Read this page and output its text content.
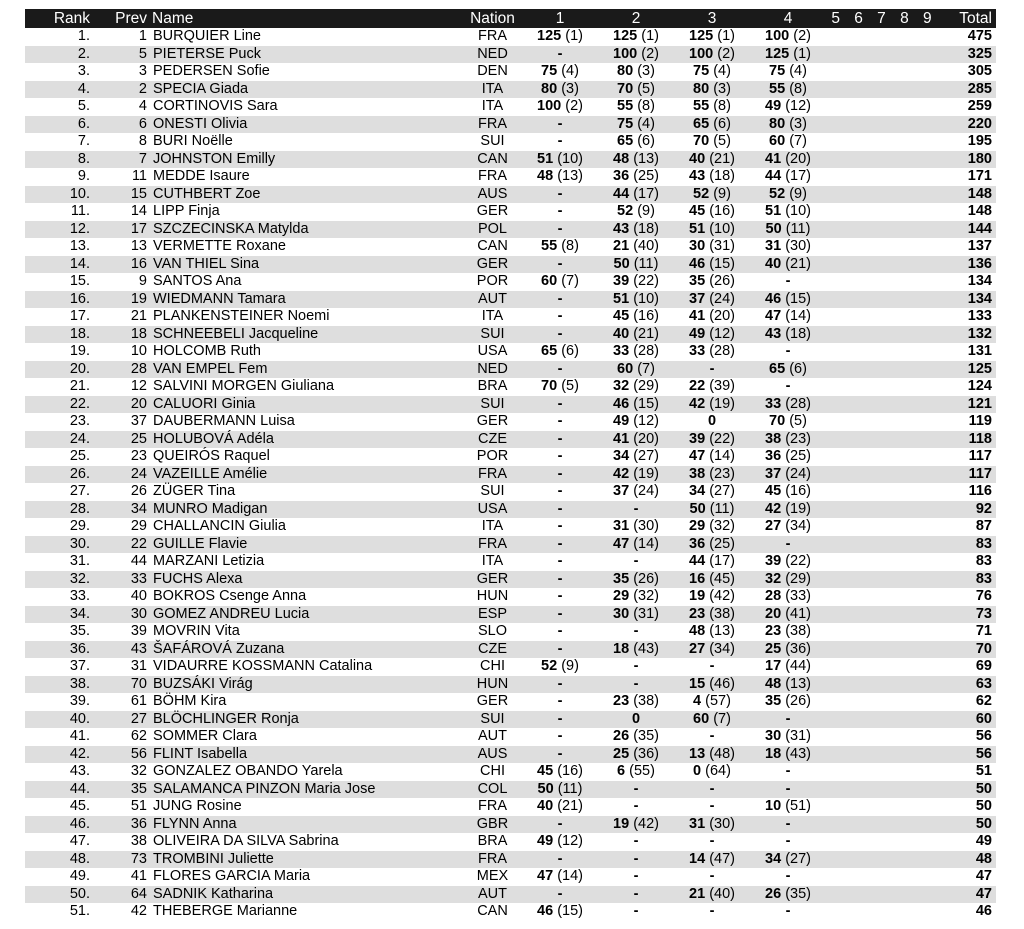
Rank	Prev Name	Nation	1	2	3	4	5 6 7 8 9	Total
1.	1 BURQUIER Line	FRA	125 (1)	125 (1)	125 (1)	100 (2)	475
2.	5 PIETERSE Puck	NED	-	100 (2)	100 (2)	125 (1)	325
3.	3 PEDERSEN Sofie	DEN	75 (4)	80 (3)	75 (4)	75 (4)	305
4.	2 SPECIA Giada	ITA	80 (3)	70 (5)	80 (3)	55 (8)	285
5.	4 CORTINOVIS Sara	ITA	100 (2)	55 (8)	55 (8)	49 (12)	259
6.	6 ONESTI Olivia	FRA	-	75 (4)	65 (6)	80 (3)	220
7.	8 BURI Noëlle	SUI	-	65 (6)	70 (5)	60 (7)	195
8.	7 JOHNSTON Emilly	CAN	51 (10)	48 (13)	40 (21)	41 (20)	180
9.	11 MEDDE Isaure	FRA	48 (13)	36 (25)	43 (18)	44 (17)	171
10.	15 CUTHBERT Zoe	AUS	-	44 (17)	52 (9)	52 (9)	148
11.	14 LIPP Finja	GER	-	52 (9)	45 (16)	51 (10)	148
12.	17 SZCZECINSKA Matylda	POL	-	43 (18)	51 (10)	50 (11)	144
13.	13 VERMETTE Roxane	CAN	55 (8)	21 (40)	30 (31)	31 (30)	137
14.	16 VAN THIEL Sina	GER	-	50 (11)	46 (15)	40 (21)	136
15.	9 SANTOS Ana	POR	60 (7)	39 (22)	35 (26)	-	134
16.	19 WIEDMANN Tamara	AUT	-	51 (10)	37 (24)	46 (15)	134
17.	21 PLANKENSTEINER Noemi	ITA	-	45 (16)	41 (20)	47 (14)	133
18.	18 SCHNEEBELI Jacqueline	SUI	-	40 (21)	49 (12)	43 (18)	132
19.	10 HOLCOMB Ruth	USA	65 (6)	33 (28)	33 (28)	-	131
20.	28 VAN EMPEL Fem	NED	-	60 (7)	-	65 (6)	125
21.	12 SALVINI MORGEN Giuliana	BRA	70 (5)	32 (29)	22 (39)	-	124
22.	20 CALUORI Ginia	SUI	-	46 (15)	42 (19)	33 (28)	121
23.	37 DAUBERMANN Luisa	GER	-	49 (12)	0	70 (5)	119
24.	25 HOLUBOVÁ Adéla	CZE	-	41 (20)	39 (22)	38 (23)	118
25.	23 QUEIRÓS Raquel	POR	-	34 (27)	47 (14)	36 (25)	117
26.	24 VAZEILLE Amélie	FRA	-	42 (19)	38 (23)	37 (24)	117
27.	26 ZÜGER Tina	SUI	-	37 (24)	34 (27)	45 (16)	116
28.	34 MUNRO Madigan	USA	-	-	50 (11)	42 (19)	92
29.	29 CHALLANCIN Giulia	ITA	-	31 (30)	29 (32)	27 (34)	87
30.	22 GUILLE Flavie	FRA	-	47 (14)	36 (25)	-	83
31.	44 MARZANI Letizia	ITA	-	-	44 (17)	39 (22)	83
32.	33 FUCHS Alexa	GER	-	35 (26)	16 (45)	32 (29)	83
33.	40 BOKROS Csenge Anna	HUN	-	29 (32)	19 (42)	28 (33)	76
34.	30 GOMEZ ANDREU Lucia	ESP	-	30 (31)	23 (38)	20 (41)	73
35.	39 MOVRIN Vita	SLO	-	-	48 (13)	23 (38)	71
36.	43 ŠAFÁROVÁ Zuzana	CZE	-	18 (43)	27 (34)	25 (36)	70
37.	31 VIDAURRE KOSSMANN Catalina	CHI	52 (9)	-	-	17 (44)	69
38.	70 BUZSÁKI Virág	HUN	-	-	15 (46)	48 (13)	63
39.	61 BÖHM Kira	GER	-	23 (38)	4 (57)	35 (26)	62
40.	27 BLÖCHLINGER Ronja	SUI	-	0	60 (7)	-	60
41.	62 SOMMER Clara	AUT	-	26 (35)	-	30 (31)	56
42.	56 FLINT Isabella	AUS	-	25 (36)	13 (48)	18 (43)	56
43.	32 GONZALEZ OBANDO Yarela	CHI	45 (16)	6 (55)	0 (64)	-	51
44.	35 SALAMANCA PINZON Maria Jose	COL	50 (11)	-	-	-	50
45.	51 JUNG Rosine	FRA	40 (21)	-	-	10 (51)	50
46.	36 FLYNN Anna	GBR	-	19 (42)	31 (30)	-	50
47.	38 OLIVEIRA DA SILVA Sabrina	BRA	49 (12)	-	-	-	49
48.	73 TROMBINI Juliette	FRA	-	-	14 (47)	34 (27)	48
49.	41 FLORES GARCIA Maria	MEX	47 (14)	-	-	-	47
50.	64 SADNIK Katharina	AUT	-	-	21 (40)	26 (35)	47
51.	42 THEBERGE Marianne	CAN	46 (15)	-	-	-	46
